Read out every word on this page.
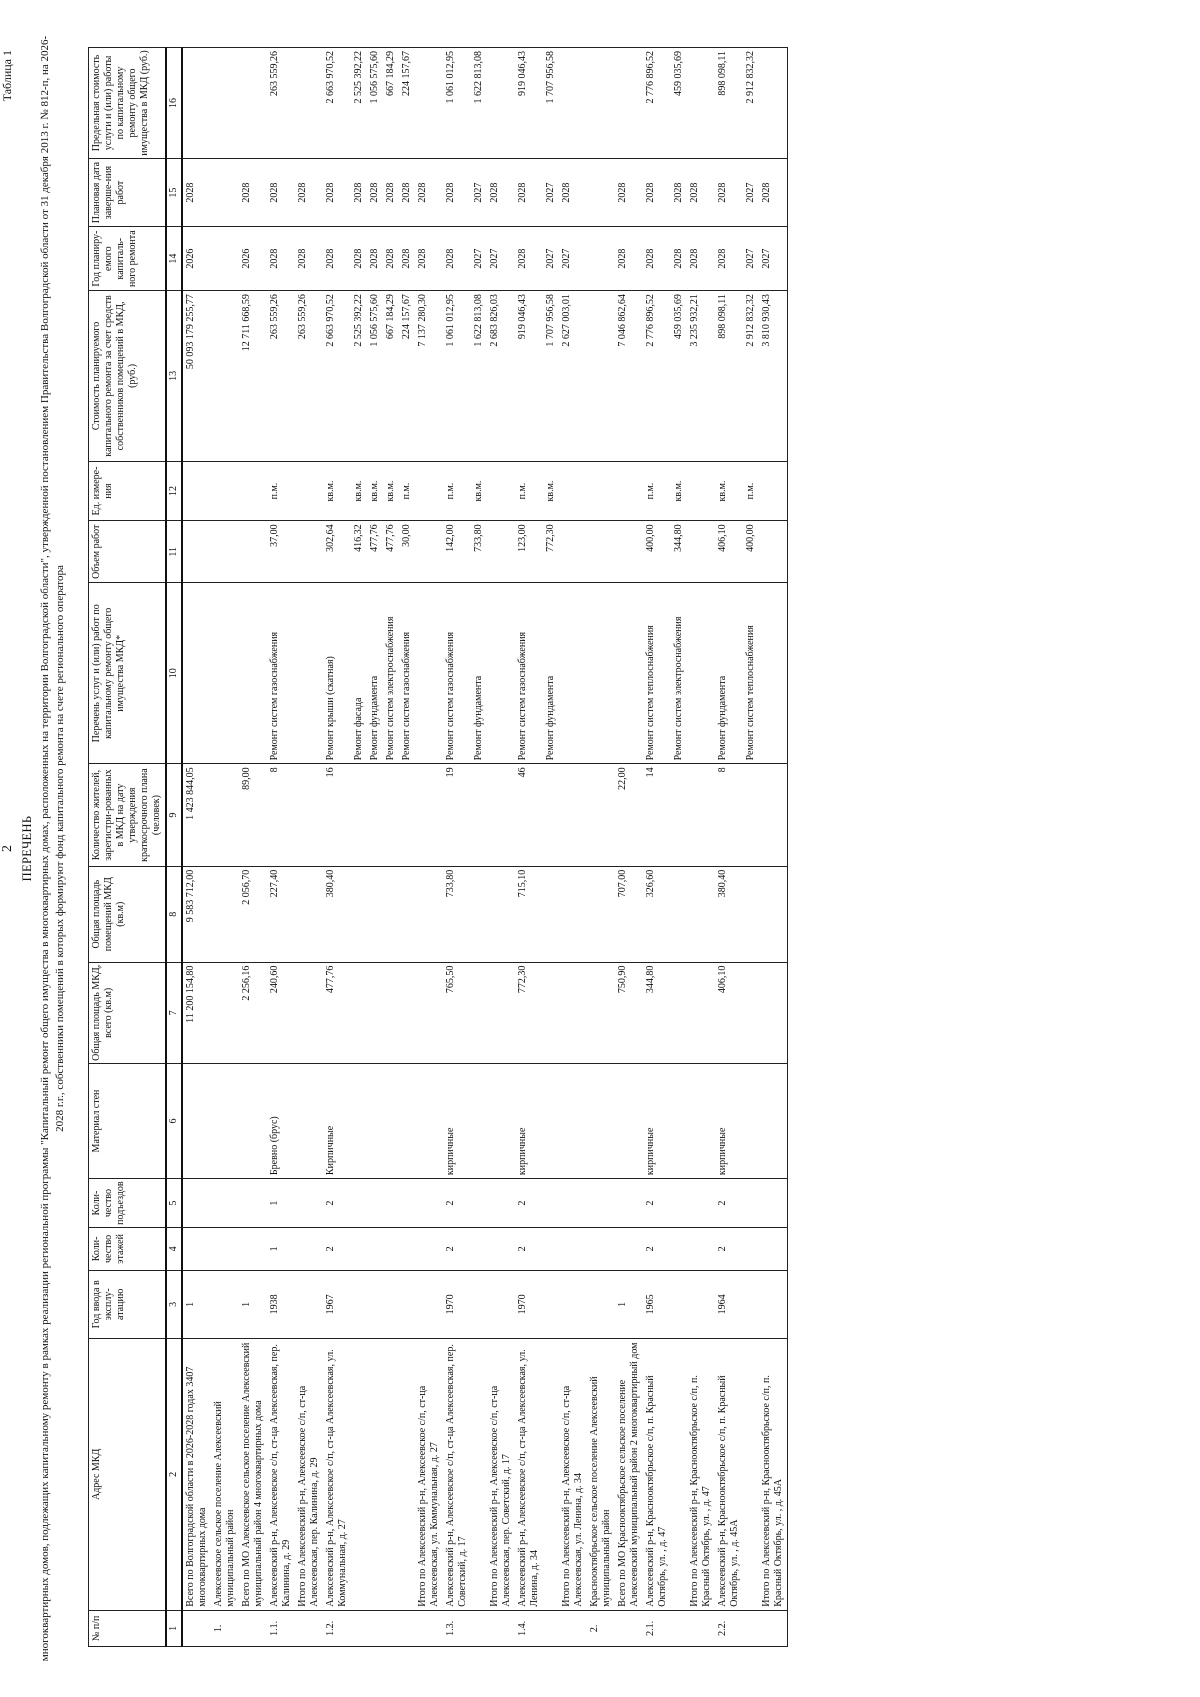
2
Таблица 1
ПЕРЕЧЕНЬ многоквартирных домов, подлежащих капитальному ремонту в рамках реализации региональной программы "Капитальный ремонт общего имущества в многоквартирных домах, расположенных на территории Волгоградской области", утвержденной постановлением Правительства Волгоградской области от 31 декабря 2013 г. № 812-п, на 2026-2028 г.г., собственники помещений в которых формируют фонд капитального ремонта на счете регионального оператора
№ п/п	Адрес МКД	Год ввода в эксплу-атацию	Коли-чество этажей	Коли-чество подъездов	Материал стен	Общая площадь МКД, всего (кв.м)	Общая площадь помещений МКД (кв.м)	Количество жителей, зарегистри-рованных в МКД на дату утверждения краткосрочного плана (человек)	Перечень услуг и (или) работ по капитальному ремонту общего имущества МКД*	Объем работ	Ед. измере-ния	Стоимость планируемого капитального ремонта за счет средств собственников помещений в МКД, (руб.)	Год планиру-емого капиталь-ного ремонта	Плановая дата заверше-ния работ	Предельная стоимость услуги и (или) работы по капитальному ремонту общего имущества в МКД (руб.)
1	2	3	4	5	6	7	8	9	10	11	12	13	14	15	16
	Всего по Волгоградской области в 2026-2028 годах 3407 многоквартирных дома	1				11 200 154,80	9 583 712,00	1 423 844,05				50 093 179 255,77	2026	2028	
1.	Алексеевское сельское поселение Алексеевский муниципальный район														
	Всего по МО Алексеевское сельское поселение Алексеевский муниципальный район 4 многоквартирных дома	1				2 256,16	2 056,70	89,00				12 711 668,59	2026	2028	
1.1.	Алексеевский р-н, Алексеевское с/п, ст-ца Алексеевская, пер. Калинина, д. 29	1938	1	1	Бревно (брус)	240,60	227,40	8	Ремонт систем газоснабжения	37,00	п.м.	263 559,26	2028	2028	263 559,26
	Итого по Алексеевский р-н, Алексеевское с/п, ст-ца Алексеевская, пер. Калинина, д. 29											263 559,26	2028	2028	
1.2.	Алексеевский р-н, Алексеевское с/п, ст-ца Алексеевская, ул. Коммунальная, д. 27	1967	2	2	Кирпичные	477,76	380,40	16	Ремонт крыши (скатная)	302,64	кв.м.	2 663 970,52	2028	2028	2 663 970,52
									Ремонт фасада	416,32	кв.м.	2 525 392,22	2028	2028	2 525 392,22
									Ремонт фундамента	477,76	кв.м.	1 056 575,60	2028	2028	1 056 575,60
									Ремонт систем электроснабжения	477,76	кв.м.	667 184,29	2028	2028	667 184,29
									Ремонт систем газоснабжения	30,00	п.м.	224 157,67	2028	2028	224 157,67
	Итого по Алексеевский р-н, Алексеевское с/п, ст-ца Алексеевская, ул. Коммунальная, д. 27											7 137 280,30	2028	2028	
1.3.	Алексеевский р-н, Алексеевское с/п, ст-ца Алексеевская, пер. Советский, д. 17	1970	2	2	кирпичные	765,50	733,80	19	Ремонт систем газоснабжения	142,00	п.м.	1 061 012,95	2028	2028	1 061 012,95
									Ремонт фундамента	733,80	кв.м.	1 622 813,08	2027	2027	1 622 813,08
	Итого по Алексеевский р-н, Алексеевское с/п, ст-ца Алексеевская, пер. Советский, д. 17											2 683 826,03	2027	2028	
1.4.	Алексеевский р-н, Алексеевское с/п, ст-ца Алексеевская, ул. Ленина, д. 34	1970	2	2	кирпичные	772,30	715,10	46	Ремонт систем газоснабжения	123,00	п.м.	919 046,43	2028	2028	919 046,43
									Ремонт фундамента	772,30	кв.м.	1 707 956,58	2027	2027	1 707 956,58
	Итого по Алексеевский р-н, Алексеевское с/п, ст-ца Алексеевская, ул. Ленина, д. 34											2 627 003,01	2027	2028	
2.	Краснооктябрьское сельское поселение Алексеевский муниципальный район														
	Всего по МО Краснооктябрьское сельское поселение Алексеевский муниципальный район 2 многоквартирный дом	1				750,90	707,00	22,00				7 046 862,64	2028	2028	
2.1.	Алексеевский р-н, Краснооктябрьское с/п, п. Красный Октябрь, ул. , д. 47	1965	2	2	кирпичные	344,80	326,60	14	Ремонт систем теплоснабжения	400,00	п.м.	2 776 896,52	2028	2028	2 776 896,52
									Ремонт систем электроснабжения	344,80	кв.м.	459 035,69	2028	2028	459 035,69
	Итого по Алексеевский р-н, Краснооктябрьское с/п, п. Красный Октябрь, ул. , д. 47											3 235 932,21	2028	2028	
2.2.	Алексеевский р-н, Краснооктябрьское с/п, п. Красный Октябрь, ул. , д. 45А	1964	2	2	кирпичные	406,10	380,40	8	Ремонт фундамента	406,10	кв.м.	898 098,11	2028	2028	898 098,11
									Ремонт систем теплоснабжения	400,00	п.м.	2 912 832,32	2027	2027	2 912 832,32
	Итого по Алексеевский р-н, Краснооктябрьское с/п, п. Красный Октябрь, ул. , д. 45А											3 810 930,43	2027	2028	
